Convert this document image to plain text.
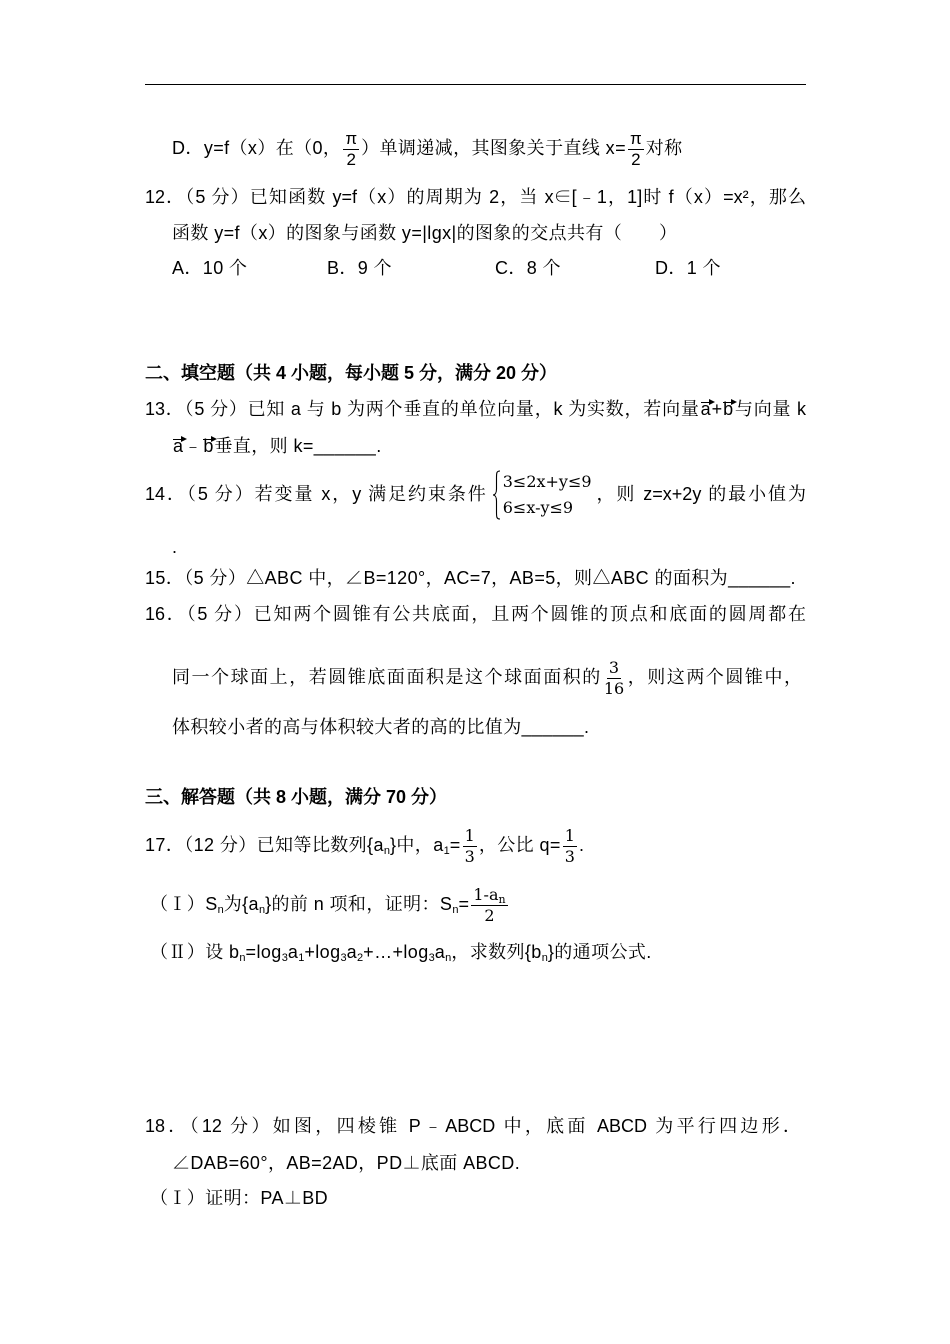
D．y=f（x）在（0，
$\frac{\pi}{2}$
）单调递减，其图象关于直线 x=
$\frac{\pi}{2}$
对称
12．（5 分）已知函数 y=f（x）的周期为 2，当 x∈[﹣1，1]时 f（x）=x²，那么
函数 y=f（x）的图象与函数 y=|lgx|的图象的交点共有（　　）
A．10 个	B．9 个	C．8 个	D．1 个
二、填空题（共 4 小题，每小题 5 分，满分 20 分）
13．（5 分）已知 a 与 b 为两个垂直的单位向量，k 为实数，若向量a+b与向量 k
a﹣b垂直，则 k=______.
14．（5 分）若变量 x，y 满足约束条件
3≤2x+y≤9
6≤x-y≤9
，则 z=x+2y 的最小值为
.
15．（5 分）△ABC 中，∠B=120°，AC=7，AB=5，则△ABC 的面积为______.
16．（5 分）已知两个圆锥有公共底面，且两个圆锥的顶点和底面的圆周都在
同一个球面上，若圆锥底面面积是这个球面面积的
$\frac{3}{16}$
，则这两个圆锥中，
体积较小者的高与体积较大者的高的比值为______.
三、解答题（共 8 小题，满分 70 分）
17．（12 分）已知等比数列$\{a_n\}$中，$a_1=$
$\frac{1}{3}$
，公比 q=
$\frac{1}{3}$
.
$(Ⅰ)S_n$为$\{a_n\}$的前 n 项和，证明：$S_n=$
$\frac{1-a_n}{2}$
（Ⅱ）设 $b_n=\log_3a_1+\log_3a_2+\dots+\log_3a_n$，求数列$\{b_n\}$的通项公式.
18．（12 分）如图，四棱锥 P﹣ABCD 中，底面 ABCD 为平行四边形．
∠DAB=60°，AB=2AD，PD⊥底面 ABCD.
（Ⅰ）证明：PA⊥BD
